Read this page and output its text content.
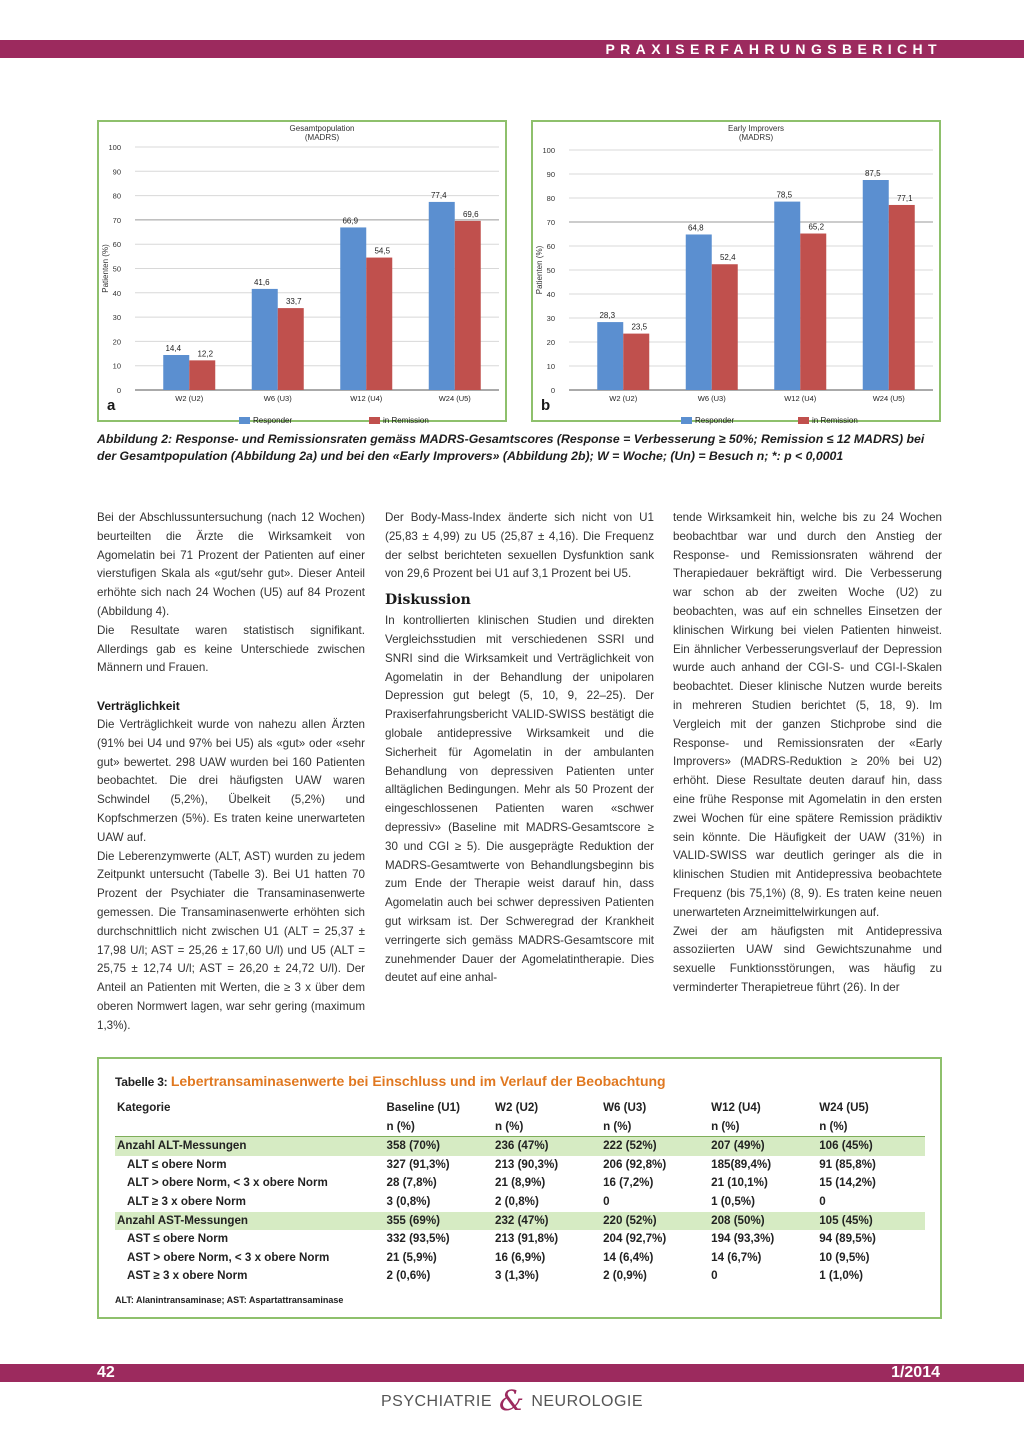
PRAXISERFAHRUNGSBERICHT
Gesamtpopulation
(MADRS)
0
10
20
30
40
50
60
70
80
90
100
Patienten (%)
14,4
12,2
W2 (U2)
41,6
33,7
W6 (U3)
66,9
54,5
W12 (U4)
77,4
69,6
W24 (U5)
a
Responder	in Remission
Early Improvers
(MADRS)
0
10
20
30
40
50
60
70
80
90
100
Patienten (%)
28,3
23,5
W2 (U2)
64,8
52,4
W6 (U3)
78,5
65,2
W12 (U4)
87,5
77,1
W24 (U5)
b
Responder	in Remission
Abbildung 2: Response- und Remissionsraten gemäss MADRS-Gesamtscores (Response = Verbesserung ≥ 50%; Remission ≤ 12 MADRS) bei der Gesamtpopulation (Abbildung 2a) und bei den «Early Improvers» (Abbildung 2b); W = Woche; (Un) = Besuch n; *: p < 0,0001

Bei der Abschlussuntersuchung (nach 12 Wochen) beurteilten die Ärzte die Wirksamkeit von Agomelatin bei 71 Prozent der Patienten auf einer vierstufigen Skala als «gut/sehr gut». Dieser Anteil erhöhte sich nach 24 Wochen (U5) auf 84 Prozent (Abbildung 4).

Die Resultate waren statistisch signifikant. Allerdings gab es keine Unterschiede zwischen Männern und Frauen.

Verträglichkeit

Die Verträglichkeit wurde von nahezu allen Ärzten (91% bei U4 und 97% bei U5) als «gut» oder «sehr gut» bewertet. 298 UAW wurden bei 160 Patienten beobachtet. Die drei häufigsten UAW waren Schwindel (5,2%), Übelkeit (5,2%) und Kopfschmerzen (5%). Es traten keine unerwarteten UAW auf.

Die Leberenzymwerte (ALT, AST) wurden zu jedem Zeitpunkt untersucht (Tabelle 3). Bei U1 hatten 70 Prozent der Psychiater die Transaminasenwerte gemessen. Die Transaminasenwerte erhöhten sich durchschnittlich nicht zwischen U1 (ALT = 25,37 ± 17,98 U/l; AST = 25,26 ± 17,60 U/l) und U5 (ALT = 25,75 ± 12,74 U/l; AST = 26,20 ± 24,72 U/l). Der Anteil an Patienten mit Werten, die ≥ 3 x über dem oberen Normwert lagen, war sehr gering (maximum 1,3%).

Der Body-Mass-Index änderte sich nicht von U1 (25,83 ± 4,99) zu U5 (25,87 ± 4,16). Die Frequenz der selbst berichteten sexuellen Dysfunktion sank von 29,6 Prozent bei U1 auf 3,1 Prozent bei U5.

Diskussion

In kontrollierten klinischen Studien und direkten Vergleichsstudien mit verschiedenen SSRI und SNRI sind die Wirksamkeit und Verträglichkeit von Agomelatin in der Behandlung der unipolaren Depression gut belegt (5, 10, 9, 22–25). Der Praxiserfahrungsbericht VALID-SWISS bestätigt die globale antidepressive Wirksamkeit und die Sicherheit für Agomelatin in der ambulanten Behandlung von depressiven Patienten unter alltäglichen Bedingungen. Mehr als 50 Prozent der eingeschlossenen Patienten waren «schwer depressiv» (Baseline mit MADRS-Gesamtscore ≥ 30 und CGI ≥ 5). Die ausgeprägte Reduktion der MADRS-Gesamtwerte von Behandlungsbeginn bis zum Ende der Therapie weist darauf hin, dass Agomelatin auch bei schwer depressiven Patienten gut wirksam ist. Der Schweregrad der Krankheit verringerte sich gemäss MADRS-Gesamtscore mit zunehmender Dauer der Agomelatintherapie. Dies deutet auf eine anhal-

tende Wirksamkeit hin, welche bis zu 24 Wochen beobachtbar war und durch den Anstieg der Response- und Remissionsraten während der Therapiedauer bekräftigt wird. Die Verbesserung war schon ab der zweiten Woche (U2) zu beobachten, was auf ein schnelles Einsetzen der klinischen Wirkung bei vielen Patienten hinweist. Ein ähnlicher Verbesserungsverlauf der Depression wurde auch anhand der CGI-S- und CGI-I-Skalen beobachtet. Dieser klinische Nutzen wurde bereits in mehreren Studien berichtet (5, 18, 9). Im Vergleich mit der ganzen Stichprobe sind die Response- und Remissionsraten der «Early Improvers» (MADRS-Reduktion ≥ 20% bei U2) erhöht. Diese Resultate deuten darauf hin, dass eine frühe Response mit Agomelatin in den ersten zwei Wochen für eine spätere Remission prädiktiv sein könnte. Die Häufigkeit der UAW (31%) in VALID-SWISS war deutlich geringer als die in klinischen Studien mit Antidepressiva beobachtete Frequenz (bis 75,1%) (8, 9). Es traten keine neuen unerwarteten Arzneimittelwirkungen auf.

Zwei der am häufigsten mit Antidepressiva assoziierten UAW sind Gewichtszunahme und sexuelle Funktionsstörungen, was häufig zu verminderter Therapietreue führt (26). In der

Tabelle 3: Lebertransaminasenwerte bei Einschluss und im Verlauf der Beobachtung
Kategorie	Baseline (U1)	W2 (U2)	W6 (U3)	W12 (U4)	W24 (U5)
	n (%)	n (%)	n (%)	n (%)	n (%)
Anzahl ALT-Messungen	358 (70%)	236 (47%)	222 (52%)	207 (49%)	106 (45%)
ALT ≤ obere Norm	327 (91,3%)	213 (90,3%)	206 (92,8%)	185(89,4%)	91 (85,8%)
ALT > obere Norm, < 3 x obere Norm	28 (7,8%)	21 (8,9%)	16 (7,2%)	21 (10,1%)	15 (14,2%)
ALT ≥ 3 x obere Norm	3 (0,8%)	2 (0,8%)	0	1 (0,5%)	0
Anzahl AST-Messungen	355 (69%)	232 (47%)	220 (52%)	208 (50%)	105 (45%)
AST ≤ obere Norm	332 (93,5%)	213 (91,8%)	204 (92,7%)	194 (93,3%)	94 (89,5%)
AST > obere Norm, < 3 x obere Norm	21 (5,9%)	16 (6,9%)	14 (6,4%)	14 (6,7%)	10 (9,5%)
AST ≥ 3 x obere Norm	2 (0,6%)	3 (1,3%)	2 (0,9%)	0	1 (1,0%)
ALT: Alanintransaminase; AST: Aspartattransaminase
42	1/2014
PSYCHIATRIE & NEUROLOGIE
